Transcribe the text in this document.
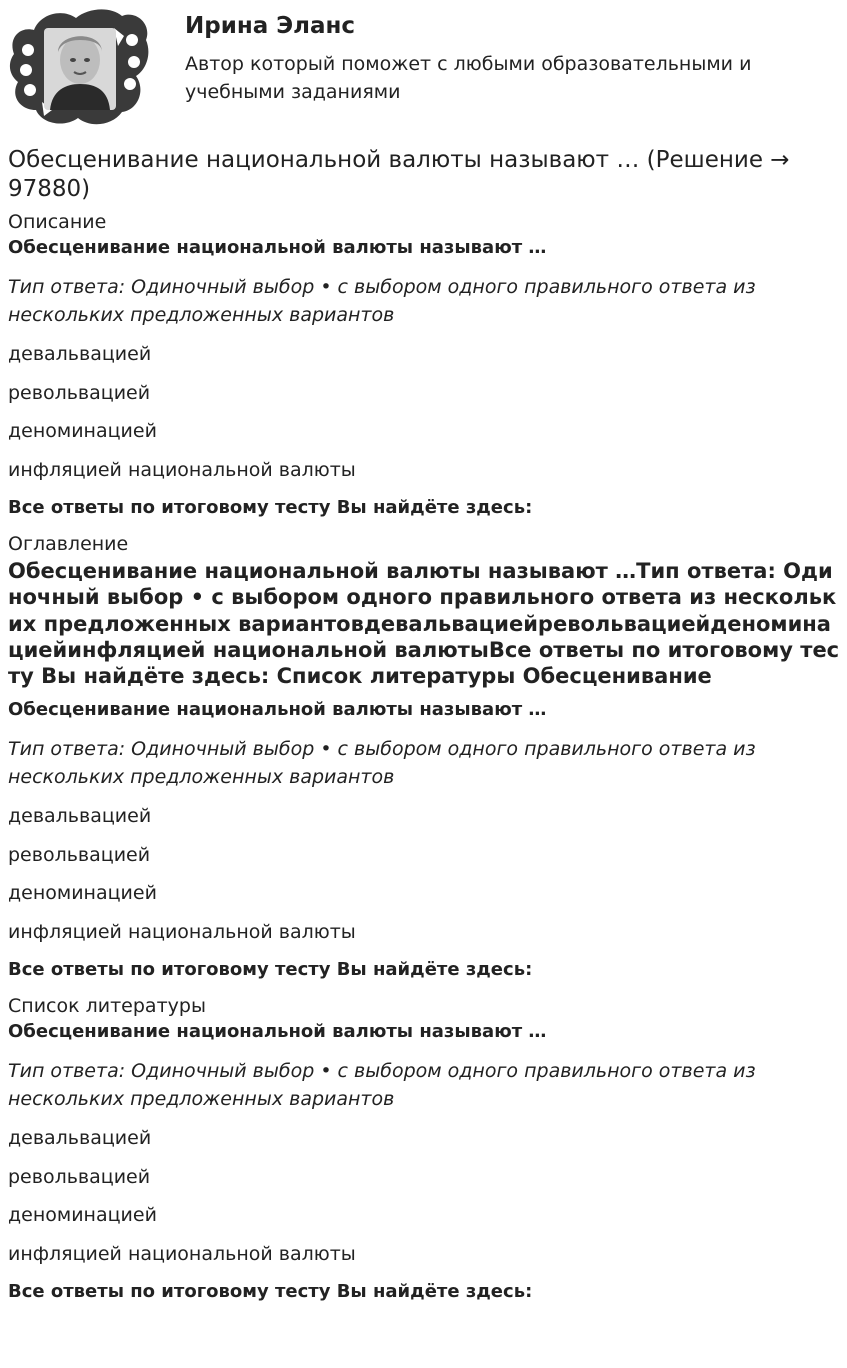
Ирина Эланс
Автор который поможет с любыми образовательными и учебными заданиями
Обесценивание национальной валюты называют … (Решение → 97880)
Описание
Обесценивание национальной валюты называют …
Тип ответа: Одиночный выбор • с выбором одного правильного ответа из нескольких предложенных вариантов
девальвацией
револьвацией
деноминацией
инфляцией национальной валюты
Все ответы по итоговому тесту Вы найдёте здесь:
Оглавление
Обесценивание национальной валюты называют …Тип ответа: Одиночный выбор • с выбором одного правильного ответа из нескольких предложенных вариантовдевальвациейревольвациейденоминациейинфляцией национальной валютыВсе ответы по итоговому тесту Вы найдёте здесь: Список литературы Обесценивание
Обесценивание национальной валюты называют …
Тип ответа: Одиночный выбор • с выбором одного правильного ответа из нескольких предложенных вариантов
девальвацией
револьвацией
деноминацией
инфляцией национальной валюты
Все ответы по итоговому тесту Вы найдёте здесь:
Список литературы
Обесценивание национальной валюты называют …
Тип ответа: Одиночный выбор • с выбором одного правильного ответа из нескольких предложенных вариантов
девальвацией
револьвацией
деноминацией
инфляцией национальной валюты
Все ответы по итоговому тесту Вы найдёте здесь:
